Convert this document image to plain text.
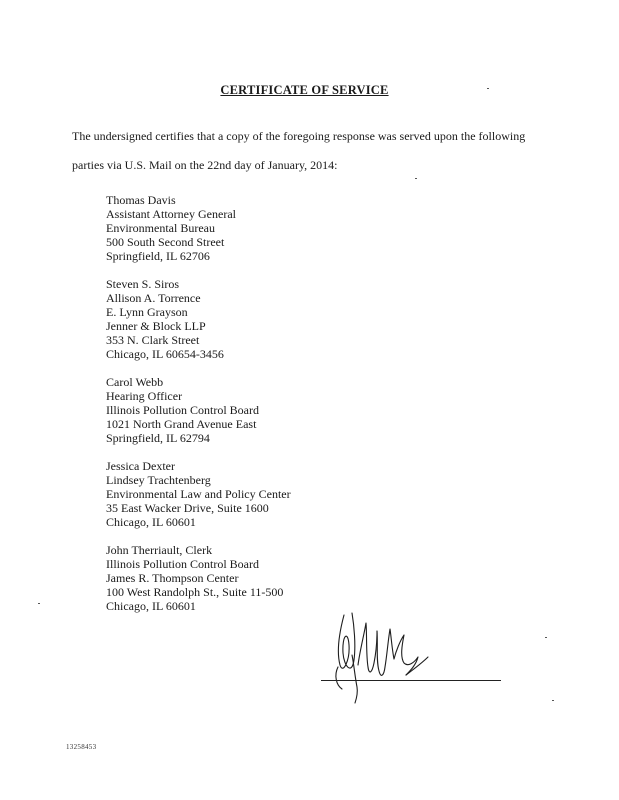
CERTIFICATE OF SERVICE
The undersigned certifies that a copy of the foregoing response was served upon the following
parties via U.S. Mail on the 22nd day of January, 2014:
Thomas Davis
Assistant Attorney General
Environmental Bureau
500 South Second Street
Springfield, IL 62706
Steven S. Siros
Allison A. Torrence
E. Lynn Grayson
Jenner & Block LLP
353 N. Clark Street
Chicago, IL 60654-3456
Carol Webb
Hearing Officer
Illinois Pollution Control Board
1021 North Grand Avenue East
Springfield, IL 62794
Jessica Dexter
Lindsey Trachtenberg
Environmental Law and Policy Center
35 East Wacker Drive, Suite 1600
Chicago, IL 60601
John Therriault, Clerk
Illinois Pollution Control Board
James R. Thompson Center
100 West Randolph St., Suite 11-500
Chicago, IL 60601
13258453
